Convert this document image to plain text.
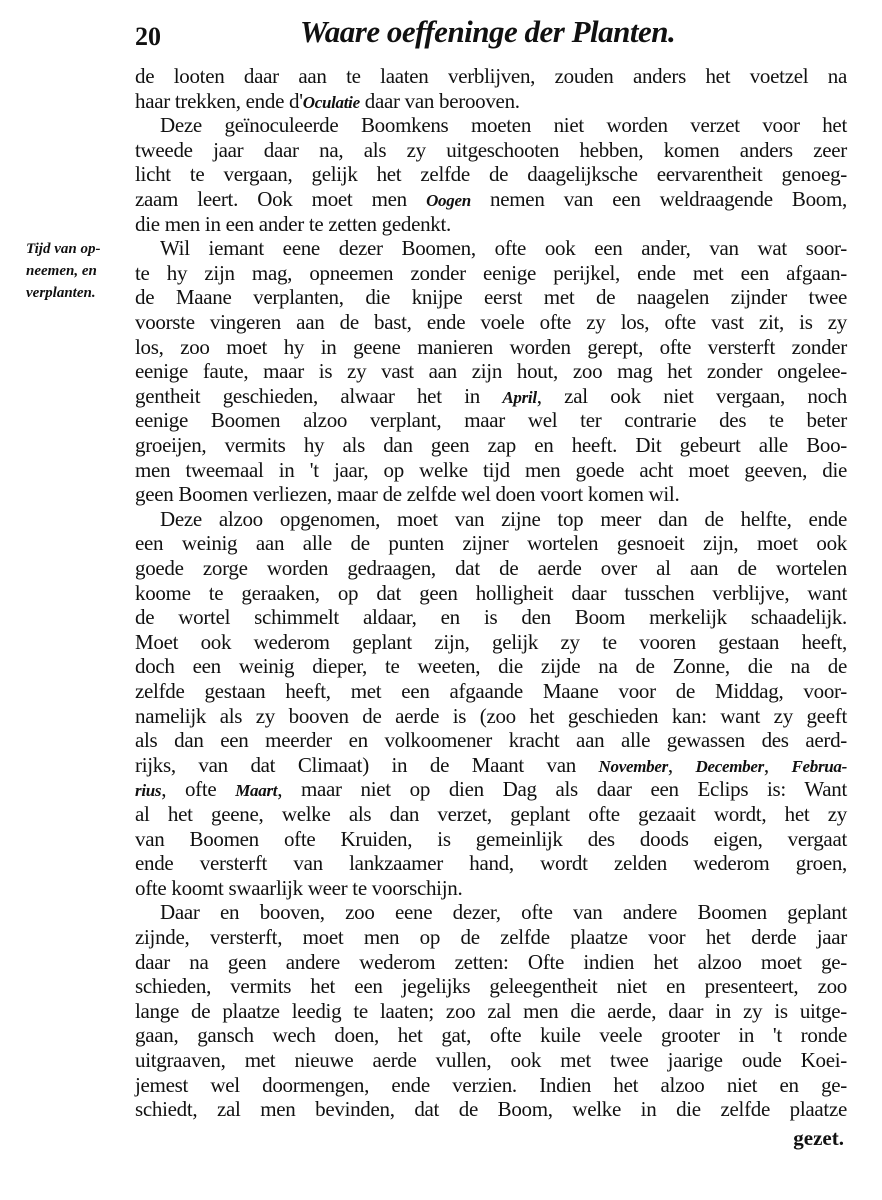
20	Waare oeffeninge der Planten.
de looten daar aan te laaten verblijven, zouden anders het voetzel na
haar trekken, ende d'Oculatie daar van berooven.
Deze geïnoculeerde Boomkens moeten niet worden verzet voor het
tweede jaar daar na, als zy uitgeschooten hebben, komen anders zeer
licht te vergaan, gelijk het zelfde de daagelijksche eervarentheit genoeg-
zaam leert. Ook moet men Oogen nemen van een weldraagende Boom,
die men in een ander te zetten gedenkt.
Wil iemant eene dezer Boomen, ofte ook een ander, van wat soor-
te hy zijn mag, opneemen zonder eenige perijkel, ende met een afgaan-
de Maane verplanten, die knijpe eerst met de naagelen zijnder twee
voorste vingeren aan de bast, ende voele ofte zy los, ofte vast zit, is zy
los, zoo moet hy in geene manieren worden gerept, ofte versterft zonder
eenige faute, maar is zy vast aan zijn hout, zoo mag het zonder ongelee-
gentheit geschieden, alwaar het in April, zal ook niet vergaan, noch
eenige Boomen alzoo verplant, maar wel ter contrarie des te beter
groeijen, vermits hy als dan geen zap en heeft. Dit gebeurt alle Boo-
men tweemaal in 't jaar, op welke tijd men goede acht moet geeven, die
geen Boomen verliezen, maar de zelfde wel doen voort komen wil.
Deze alzoo opgenomen, moet van zijne top meer dan de helfte, ende
een weinig aan alle de punten zijner wortelen gesnoeit zijn, moet ook
goede zorge worden gedraagen, dat de aerde over al aan de wortelen
koome te geraaken, op dat geen holligheit daar tusschen verblijve, want
de wortel schimmelt aldaar, en is den Boom merkelijk schaadelijk.
Moet ook wederom geplant zijn, gelijk zy te vooren gestaan heeft,
doch een weinig dieper, te weeten, die zijde na de Zonne, die na de
zelfde gestaan heeft, met een afgaande Maane voor de Middag, voor-
namelijk als zy booven de aerde is (zoo het geschieden kan: want zy geeft
als dan een meerder en volkoomener kracht aan alle gewassen des aerd-
rijks, van dat Climaat) in de Maant van November, December, Februa-
rius, ofte Maart, maar niet op dien Dag als daar een Eclips is: Want
al het geene, welke als dan verzet, geplant ofte gezaait wordt, het zy
van Boomen ofte Kruiden, is gemeinlijk des doods eigen, vergaat
ende versterft van lankzaamer hand, wordt zelden wederom groen,
ofte koomt swaarlijk weer te voorschijn.
Daar en booven, zoo eene dezer, ofte van andere Boomen geplant
zijnde, versterft, moet men op de zelfde plaatze voor het derde jaar
daar na geen andere wederom zetten: Ofte indien het alzoo moet ge-
schieden, vermits het een jegelijks geleegentheit niet en presenteert, zoo
lange de plaatze leedig te laaten; zoo zal men die aerde, daar in zy is uitge-
gaan, gansch wech doen, het gat, ofte kuile veele grooter in 't ronde
uitgraaven, met nieuwe aerde vullen, ook met twee jaarige oude Koei-
jemest wel doormengen, ende verzien. Indien het alzoo niet en ge-
schiedt, zal men bevinden, dat de Boom, welke in die zelfde plaatze
Tijd van op-
neemen, en
verplanten.
gezet.
